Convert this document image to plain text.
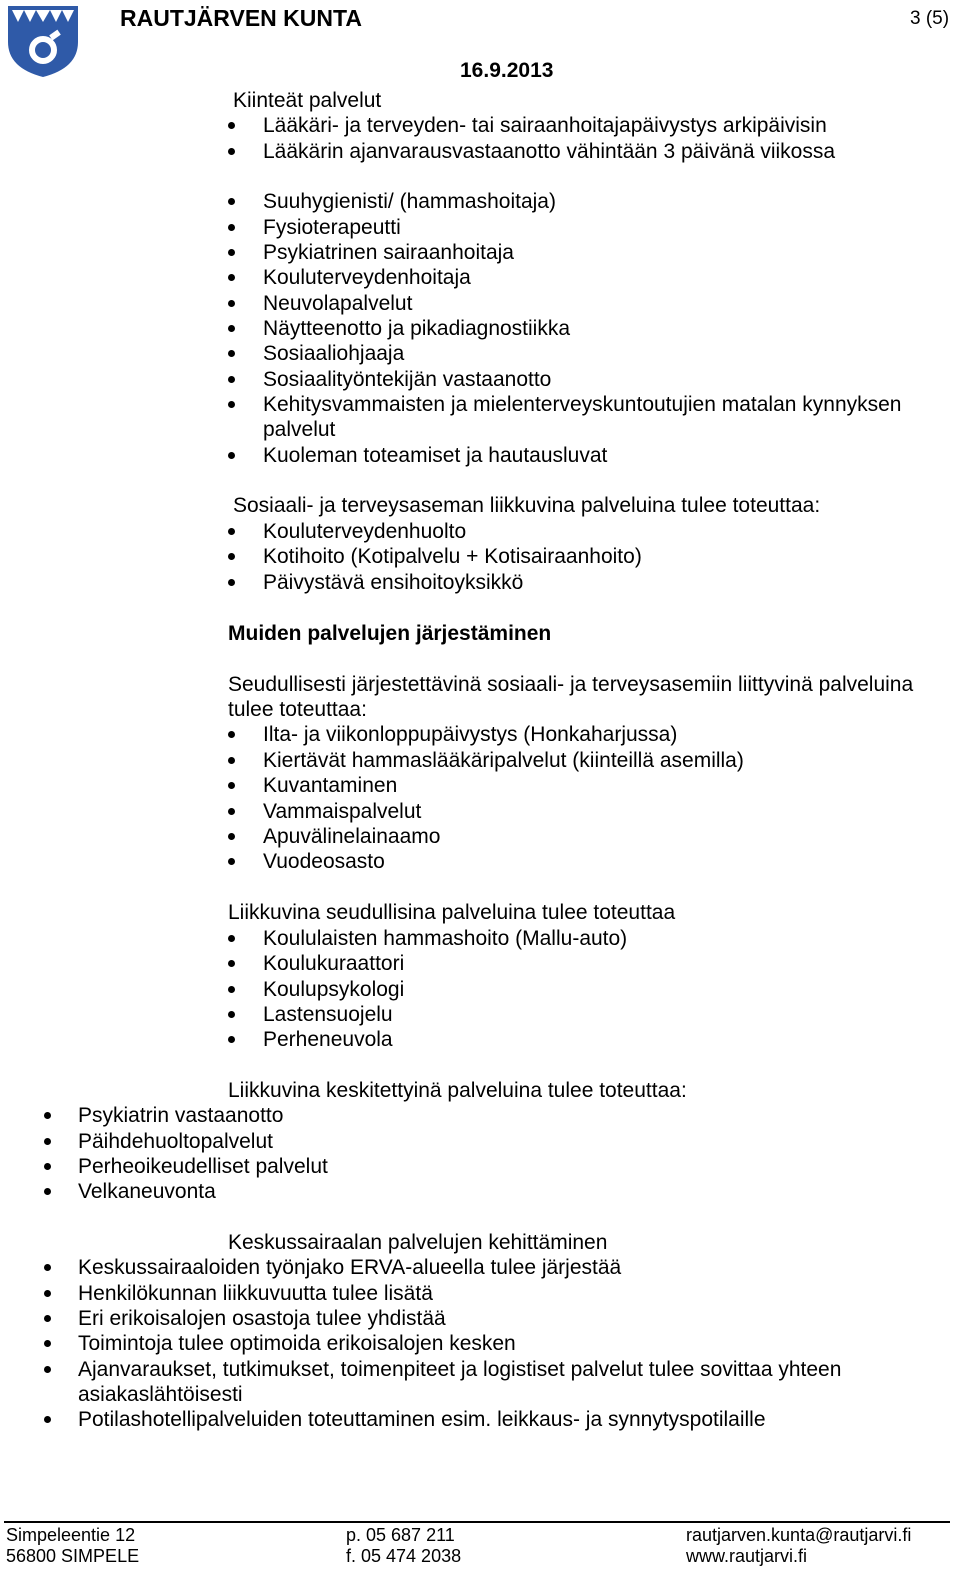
RAUTJÄRVEN KUNTA	3 (5)
16.9.2013
Kiinteät palvelut
Lääkäri- ja terveyden- tai sairaanhoitajapäivystys arkipäivisin
Lääkärin ajanvarausvastaanotto vähintään 3 päivänä viikossa
Suuhygienisti/ (hammashoitaja)
Fysioterapeutti
Psykiatrinen sairaanhoitaja
Kouluterveydenhoitaja
Neuvolapalvelut
Näytteenotto ja pikadiagnostiikka
Sosiaaliohjaaja
Sosiaalityöntekijän vastaanotto
Kehitysvammaisten ja mielenterveyskuntoutujien matalan kynnyksen
palvelut
Kuoleman toteamiset ja hautausluvat
Sosiaali- ja terveysaseman liikkuvina palveluina tulee toteuttaa:
Kouluterveydenhuolto
Kotihoito (Kotipalvelu + Kotisairaanhoito)
Päivystävä ensihoitoyksikkö
Muiden palvelujen järjestäminen
Seudullisesti järjestettävinä sosiaali- ja terveysasemiin liittyvinä palveluina
tulee toteuttaa:
Ilta- ja viikonloppupäivystys (Honkaharjussa)
Kiertävät hammaslääkäripalvelut (kiinteillä asemilla)
Kuvantaminen
Vammaispalvelut
Apuvälinelainaamo
Vuodeosasto
Liikkuvina seudullisina palveluina tulee toteuttaa
Koululaisten hammashoito (Mallu-auto)
Koulukuraattori
Koulupsykologi
Lastensuojelu
Perheneuvola
Liikkuvina keskitettyinä palveluina tulee toteuttaa:
Psykiatrin vastaanotto
Päihdehuoltopalvelut
Perheoikeudelliset palvelut
Velkaneuvonta
Keskussairaalan palvelujen kehittäminen
Keskussairaaloiden työnjako ERVA-alueella tulee järjestää
Henkilökunnan liikkuvuutta tulee lisätä
Eri erikoisalojen osastoja tulee yhdistää
Toimintoja tulee optimoida erikoisalojen kesken
Ajanvaraukset, tutkimukset, toimenpiteet ja logistiset palvelut tulee sovittaa yhteen
asiakaslähtöisesti
Potilashotellipalveluiden toteuttaminen esim. leikkaus- ja synnytyspotilaille
Simpeleentie 12
56800 SIMPELE
p. 05 687 211
f. 05 474 2038
rautjarven.kunta@rautjarvi.fi
www.rautjarvi.fi
